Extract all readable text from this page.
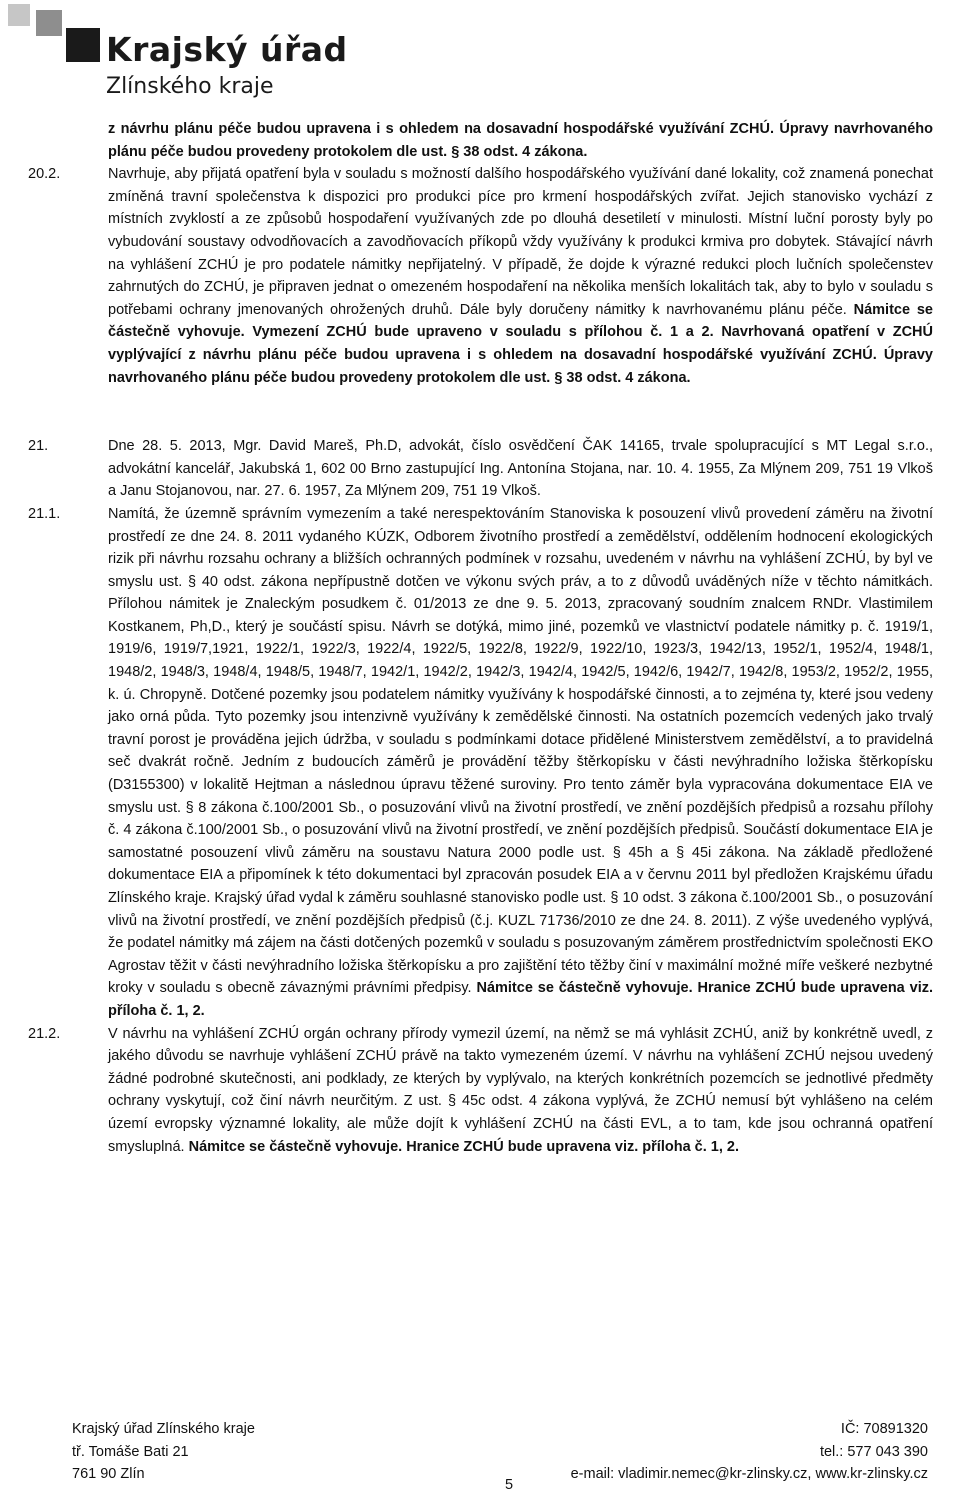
Krajský úřad
Zlínského kraje
z návrhu plánu péče budou upravena i s ohledem na dosavadní hospodářské využívání ZCHÚ. Úpravy navrhovaného plánu péče budou provedeny protokolem dle ust. § 38 odst. 4 zákona.
20.2.	Navrhuje, aby přijatá opatření byla v souladu s možností dalšího hospodářského využívání dané lokality, což znamená ponechat zmíněná travní společenstva k dispozici pro produkci píce pro krmení hospodářských zvířat. Jejich stanovisko vychází z místních zvyklostí a ze způsobů hospodaření využívaných zde po dlouhá desetiletí v minulosti. Místní luční porosty byly po vybudování soustavy odvodňovacích a zavodňovacích příkopů vždy využívány k produkci krmiva pro dobytek. Stávající návrh na vyhlášení ZCHÚ je pro podatele námitky nepřijatelný. V případě, že dojde k výrazné redukci ploch lučních společenstev zahrnutých do ZCHÚ, je připraven jednat o omezeném hospodaření na několika menších lokalitách tak, aby to bylo v souladu s potřebami ochrany jmenovaných ohrožených druhů. Dále byly doručeny námitky k navrhovanému plánu péče. Námitce se částečně vyhovuje. Vymezení ZCHÚ bude upraveno v souladu s přílohou č. 1 a 2. Navrhovaná opatření v ZCHÚ vyplývající z návrhu plánu péče budou upravena i s ohledem na dosavadní hospodářské využívání ZCHÚ. Úpravy navrhovaného plánu péče budou provedeny protokolem dle ust. § 38 odst. 4 zákona.
21.	Dne 28. 5. 2013, Mgr. David Mareš, Ph.D, advokát, číslo osvědčení ČAK 14165, trvale spolupracující s MT Legal s.r.o., advokátní kancelář, Jakubská 1, 602 00 Brno zastupující Ing. Antonína Stojana, nar. 10. 4. 1955, Za Mlýnem 209, 751 19 Vlkoš a Janu Stojanovou, nar. 27. 6. 1957, Za Mlýnem 209, 751 19 Vlkoš.
21.1.	Namítá, že územně správním vymezením a také nerespektováním Stanoviska k posouzení vlivů provedení záměru na životní prostředí ze dne 24. 8. 2011 vydaného KÚZK, Odborem životního prostředí a zemědělství, oddělením hodnocení ekologických rizik při návrhu rozsahu ochrany a bližších ochranných podmínek v rozsahu, uvedeném v návrhu na vyhlášení ZCHÚ, by byl ve smyslu ust. § 40 odst. zákona nepřípustně dotčen ve výkonu svých práv, a to z důvodů uváděných níže v těchto námitkách. Přílohou námitek je Znaleckým posudkem č. 01/2013 ze dne 9. 5. 2013, zpracovaný soudním znalcem RNDr. Vlastimilem Kostkanem, Ph,D., který je součástí spisu. Návrh se dotýká, mimo jiné, pozemků ve vlastnictví podatele námitky p. č. 1919/1, 1919/6, 1919/7,1921, 1922/1, 1922/3, 1922/4, 1922/5, 1922/8, 1922/9, 1922/10, 1923/3, 1942/13, 1952/1, 1952/4, 1948/1, 1948/2, 1948/3, 1948/4, 1948/5, 1948/7, 1942/1, 1942/2, 1942/3, 1942/4, 1942/5, 1942/6, 1942/7, 1942/8, 1953/2, 1952/2, 1955, k. ú. Chropyně. Dotčené pozemky jsou podatelem námitky využívány k hospodářské činnosti, a to zejména ty, které jsou vedeny jako orná půda. Tyto pozemky jsou intenzivně využívány k zemědělské činnosti. Na ostatních pozemcích vedených jako trvalý travní porost je prováděna jejich údržba, v souladu s podmínkami dotace přidělené Ministerstvem zemědělství, a to pravidelná seč dvakrát ročně. Jedním z budoucích záměrů je provádění těžby štěrkopísku v části nevýhradního ložiska štěrkopísku (D3155300) v lokalitě Hejtman a následnou úpravu těžené suroviny. Pro tento záměr byla vypracována dokumentace EIA ve smyslu ust. § 8 zákona č.100/2001 Sb., o posuzování vlivů na životní prostředí, ve znění pozdějších předpisů a rozsahu přílohy č. 4 zákona č.100/2001 Sb., o posuzování vlivů na životní prostředí, ve znění pozdějších předpisů. Součástí dokumentace EIA je samostatné posouzení vlivů záměru na soustavu Natura 2000 podle ust. § 45h a § 45i zákona. Na základě předložené dokumentace EIA a připomínek k této dokumentaci byl zpracován posudek EIA a v červnu 2011 byl předložen Krajskému úřadu Zlínského kraje. Krajský úřad vydal k záměru souhlasné stanovisko podle ust. § 10 odst. 3 zákona č.100/2001 Sb., o posuzování vlivů na životní prostředí, ve znění pozdějších předpisů (č.j. KUZL 71736/2010 ze dne 24. 8. 2011). Z výše uvedeného vyplývá, že podatel námitky má zájem na části dotčených pozemků v souladu s posuzovaným záměrem prostřednictvím společnosti EKO Agrostav těžit v části nevýhradního ložiska štěrkopísku a pro zajištění této těžby činí v maximální možné míře veškeré nezbytné kroky v souladu s obecně závaznými právními předpisy. Námitce se částečně vyhovuje. Hranice ZCHÚ bude upravena viz. příloha č. 1, 2.
21.2.	V návrhu na vyhlášení ZCHÚ orgán ochrany přírody vymezil území, na němž se má vyhlásit ZCHÚ, aniž by konkrétně uvedl, z jakého důvodu se navrhuje vyhlášení ZCHÚ právě na takto vymezeném území. V návrhu na vyhlášení ZCHÚ nejsou uvedený žádné podrobné skutečnosti, ani podklady, ze kterých by vyplývalo, na kterých konkrétních pozemcích se jednotlivé předměty ochrany vyskytují, což činí návrh neurčitým. Z ust. § 45c odst. 4 zákona vyplývá, že ZCHÚ nemusí být vyhlášeno na celém území evropsky významné lokality, ale může dojít k vyhlášení ZCHÚ na části EVL, a to tam, kde jsou ochranná opatření smysluplná. Námitce se částečně vyhovuje. Hranice ZCHÚ bude upravena viz. příloha č. 1, 2.
Krajský úřad Zlínského kraje
tř. Tomáše Bati 21
761 90 Zlín
IČ: 70891320
tel.: 577 043 390
e-mail: vladimir.nemec@kr-zlinsky.cz, www.kr-zlinsky.cz
5
